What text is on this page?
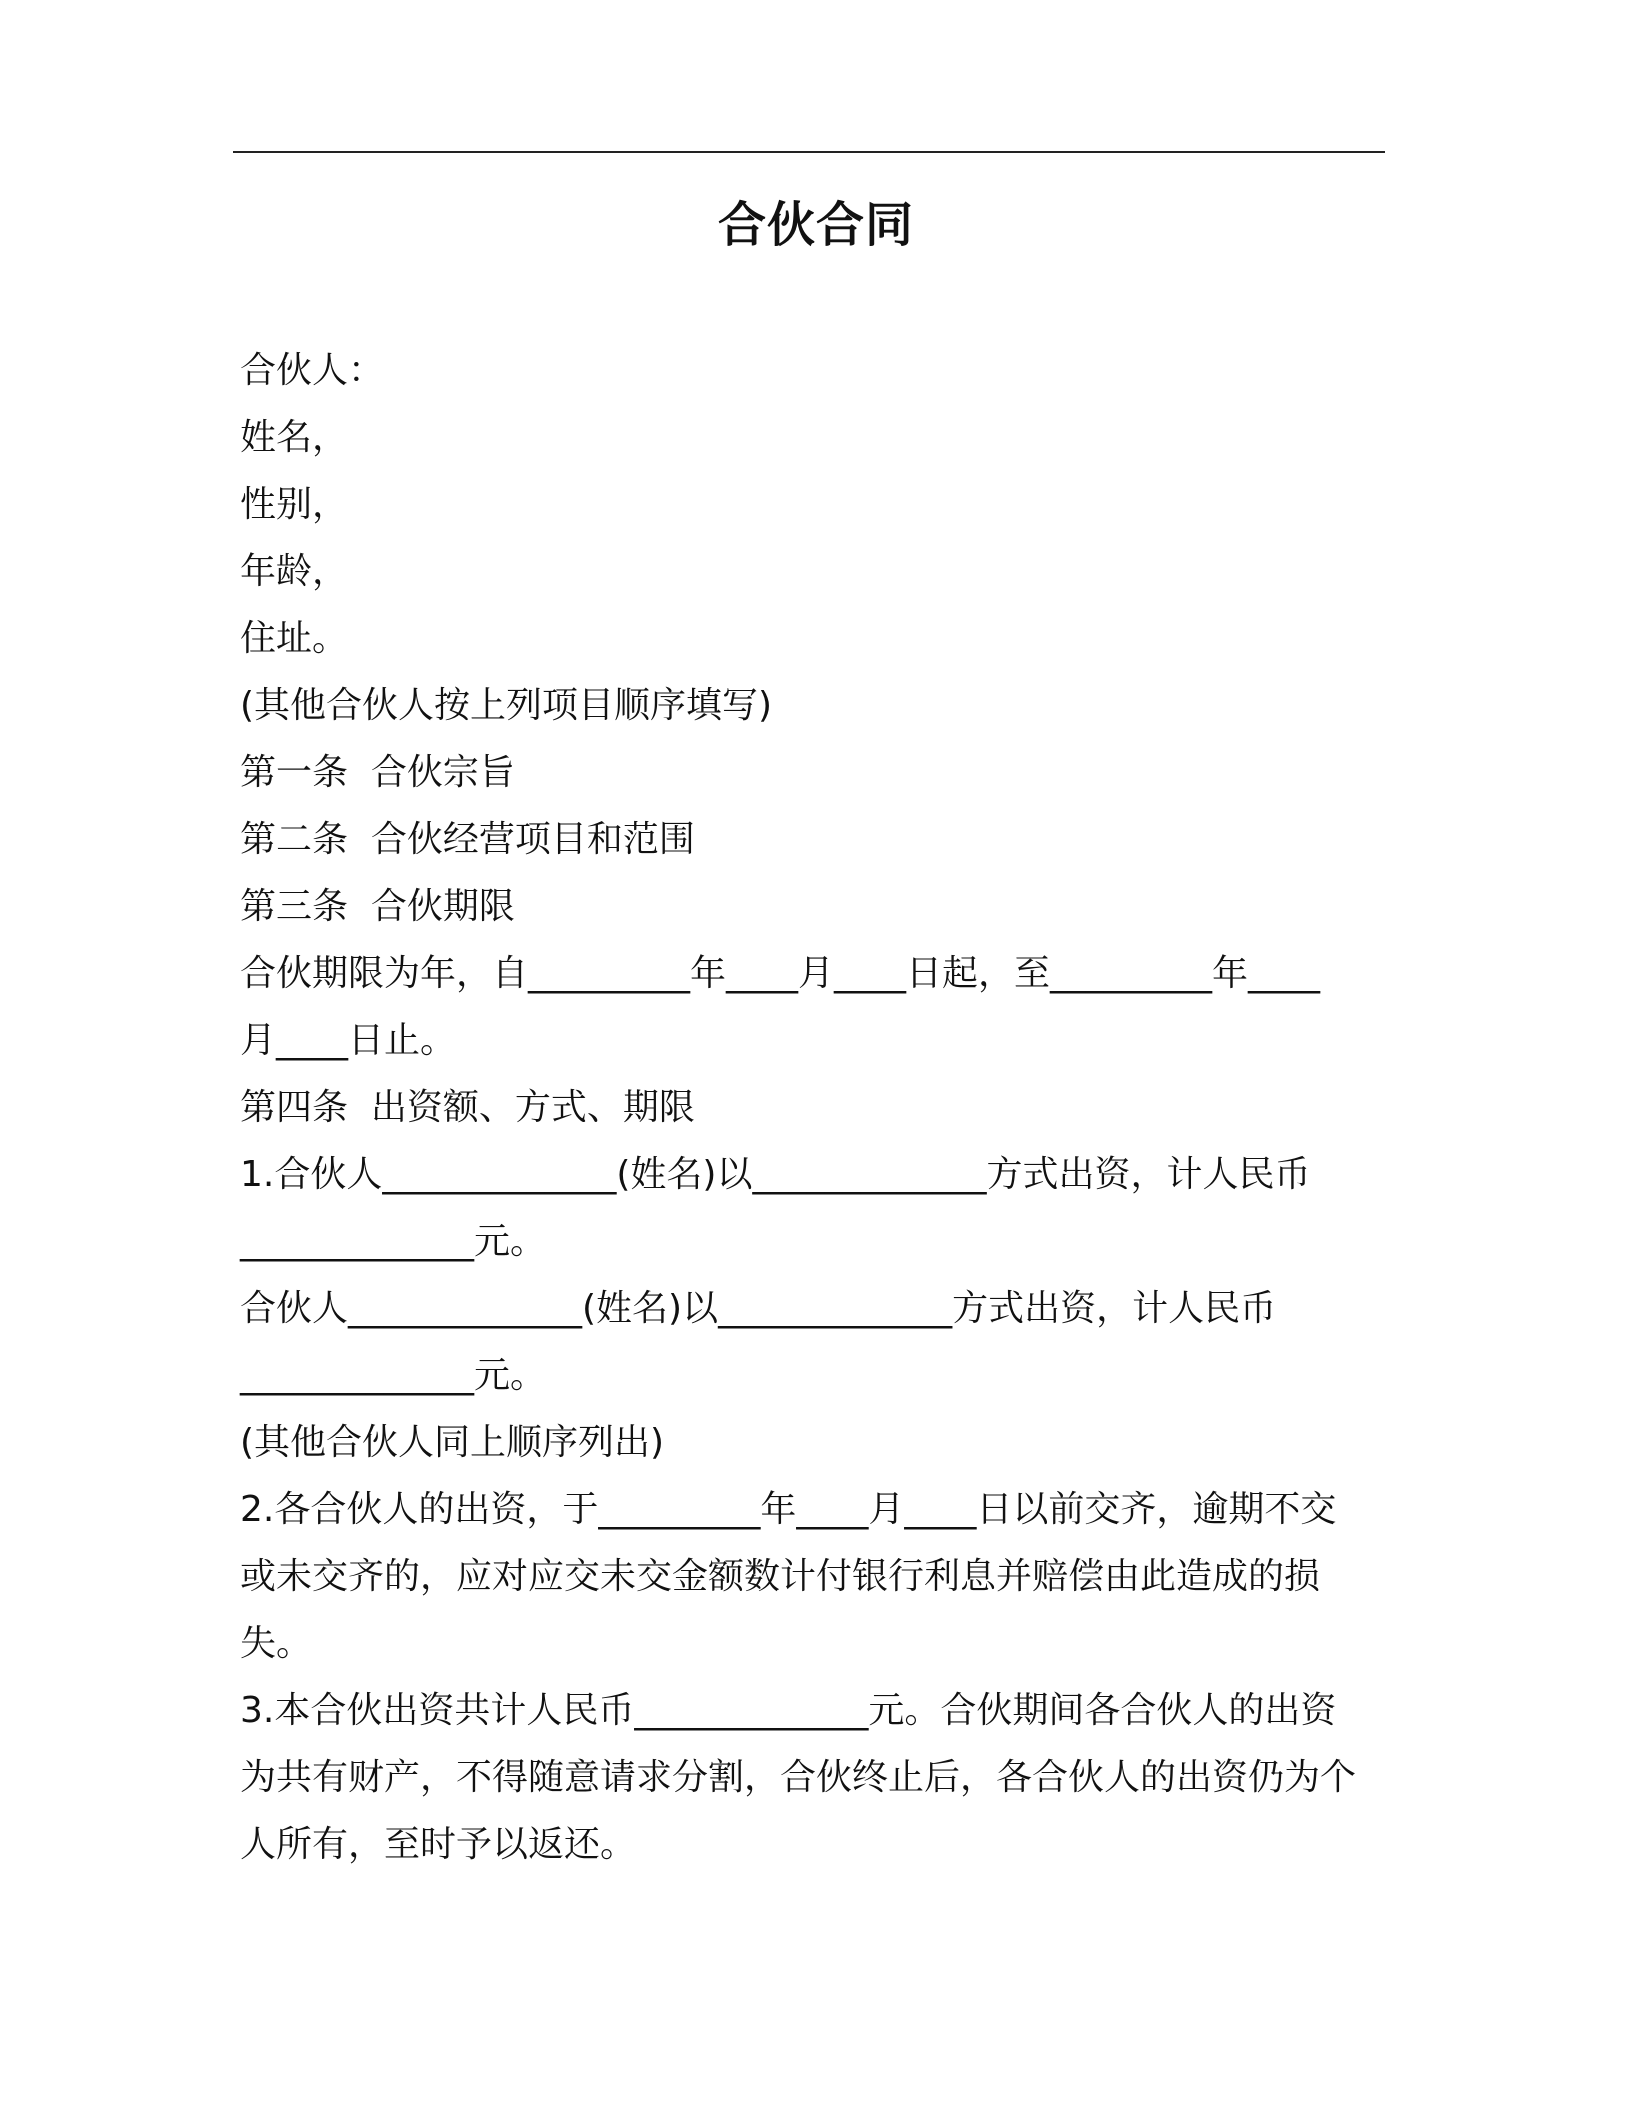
合伙合同
合伙人：
姓名，
性别，
年龄，
住址。
(其他合伙人按上列项目顺序填写)
第一条  合伙宗旨
第二条  合伙经营项目和范围
第三条  合伙期限
合伙期限为年，自_________年____月____日起，至_________年____
月____日止。
第四条  出资额、方式、期限
1.合伙人_____________(姓名)以_____________方式出资，计人民币
_____________元。
合伙人_____________(姓名)以_____________方式出资，计人民币
_____________元。
(其他合伙人同上顺序列出)
2.各合伙人的出资，于_________年____月____日以前交齐，逾期不交
或未交齐的，应对应交未交金额数计付银行利息并赔偿由此造成的损
失。
3.本合伙出资共计人民币_____________元。合伙期间各合伙人的出资
为共有财产，不得随意请求分割，合伙终止后，各合伙人的出资仍为个
人所有，至时予以返还。
